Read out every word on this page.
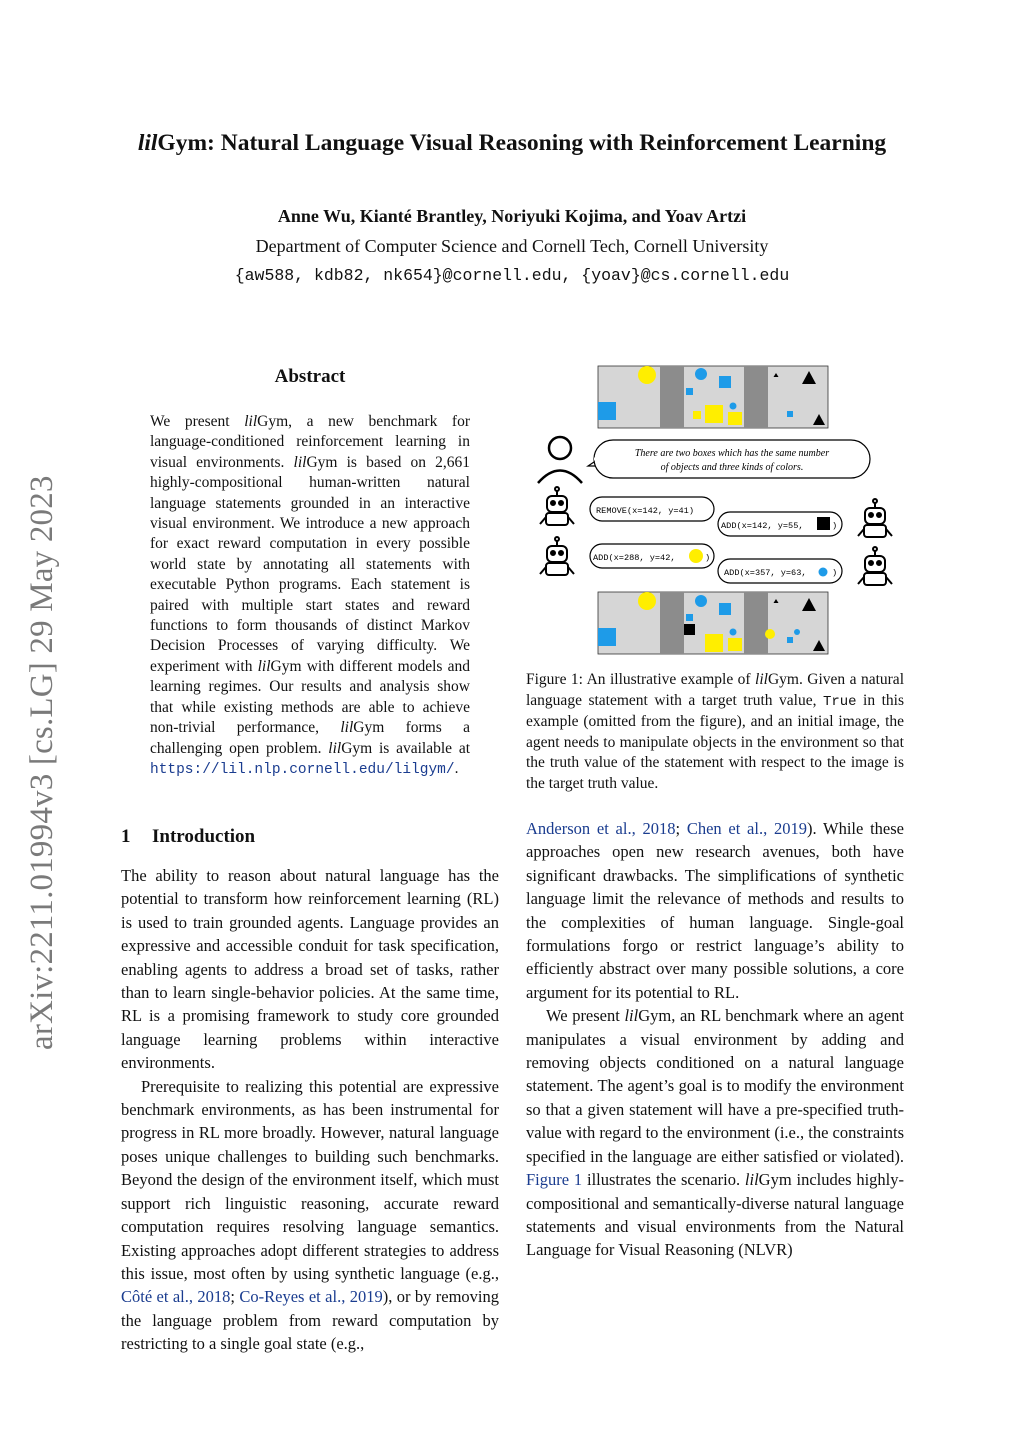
arXiv:2211.01994v3 [cs.LG] 29 May 2023
lilGym: Natural Language Visual Reasoning with Reinforcement Learning
Anne Wu, Kianté Brantley, Noriyuki Kojima, and Yoav Artzi
Department of Computer Science and Cornell Tech, Cornell University
{aw588, kdb82, nk654}@cornell.edu, {yoav}@cs.cornell.edu
Abstract
We present lilGym, a new benchmark for language-conditioned reinforcement learning in visual environments. lilGym is based on 2,661 highly-compositional human-written natural language statements grounded in an interactive visual environment. We introduce a new approach for exact reward computation in every possible world state by annotating all statements with executable Python programs. Each statement is paired with multiple start states and reward functions to form thousands of distinct Markov Decision Processes of varying difficulty. We experiment with lilGym with different models and learning regimes. Our results and analysis show that while existing methods are able to achieve non-trivial performance, lilGym forms a challenging open problem. lilGym is available at https://lil.nlp.cornell.edu/lilgym/.
1 Introduction

The ability to reason about natural language has the potential to transform how reinforcement learning (RL) is used to train grounded agents. Language provides an expressive and accessible conduit for task specification, enabling agents to address a broad set of tasks, rather than to learn single-behavior policies. At the same time, RL is a promising framework to study core grounded language learning problems within interactive environments.

Prerequisite to realizing this potential are expressive benchmark environments, as has been instrumental for progress in RL more broadly. However, natural language poses unique challenges to building such benchmarks. Beyond the design of the environment itself, which must support rich linguistic reasoning, accurate reward computation requires resolving language semantics. Existing approaches adopt different strategies to address this issue, most often by using synthetic language (e.g., Côté et al., 2018; Co-Reyes et al., 2019), or by removing the language problem from reward computation by restricting to a single goal state (e.g.,

Anderson et al., 2018; Chen et al., 2019). While these approaches open new research avenues, both have significant drawbacks. The simplifications of synthetic language limit the relevance of methods and results to the complexities of human language. Single-goal formulations forgo or restrict language’s ability to efficiently abstract over many possible solutions, a core argument for its potential to RL.

We present lilGym, an RL benchmark where an agent manipulates a visual environment by adding and removing objects conditioned on a natural language statement. The agent’s goal is to modify the environment so that a given statement will have a pre-specified truth-value with regard to the environment (i.e., the constraints specified in the language are either satisfied or violated). Figure 1 illustrates the scenario. lilGym includes highly-compositional and semantically-diverse natural language statements and visual environments from the Natural Language for Visual Reasoning (NLVR)

There are two boxes which has the same number
of objects and three kinds of colors.
REMOVE(x=142, y=41)
ADD(x=142, y=55,	)
ADD(x=288, y=42,	)
ADD(x=357, y=63,	)
Figure 1: An illustrative example of lilGym. Given a natural language statement with a target truth value, True in this example (omitted from the figure), and an initial image, the agent needs to manipulate objects in the environment so that the truth value of the statement with respect to the image is the target truth value.
